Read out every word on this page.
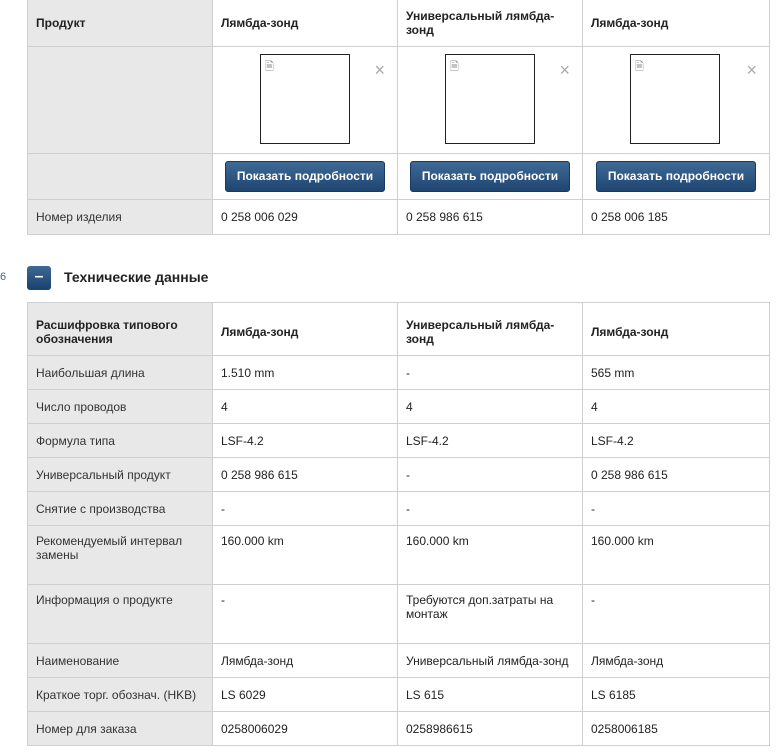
Продукт	Лямбда-зонд	Универсальный лямбда-зонд	Лямбда-зонд

	🗎 ×	🗎 ×	🗎 ×

	Показать подробности	Показать подробности	Показать подробности
Номер изделия	0 258 006 029	0 258 986 615	0 258 006 185
6	–	Технические данные
Расшифровка типового обозначения	Лямбда-зонд	Универсальный лямбда-зонд	Лямбда-зонд
Наибольшая длина	1.510 mm	-	565 mm
Число проводов	4	4	4
Формула типа	LSF-4.2	LSF-4.2	LSF-4.2
Универсальный продукт	0 258 986 615	-	0 258 986 615
Снятие с производства	-	-	-
Рекомендуемый интервал замены	160.000 km	160.000 km	160.000 km
Информация о продукте	-	Требуются доп.затраты на монтаж	-
Наименование	Лямбда-зонд	Универсальный лямбда-зонд	Лямбда-зонд
Краткое торг. обознач. (HKB)	LS 6029	LS 615	LS 6185
Номер для заказа	0258006029	0258986615	0258006185
